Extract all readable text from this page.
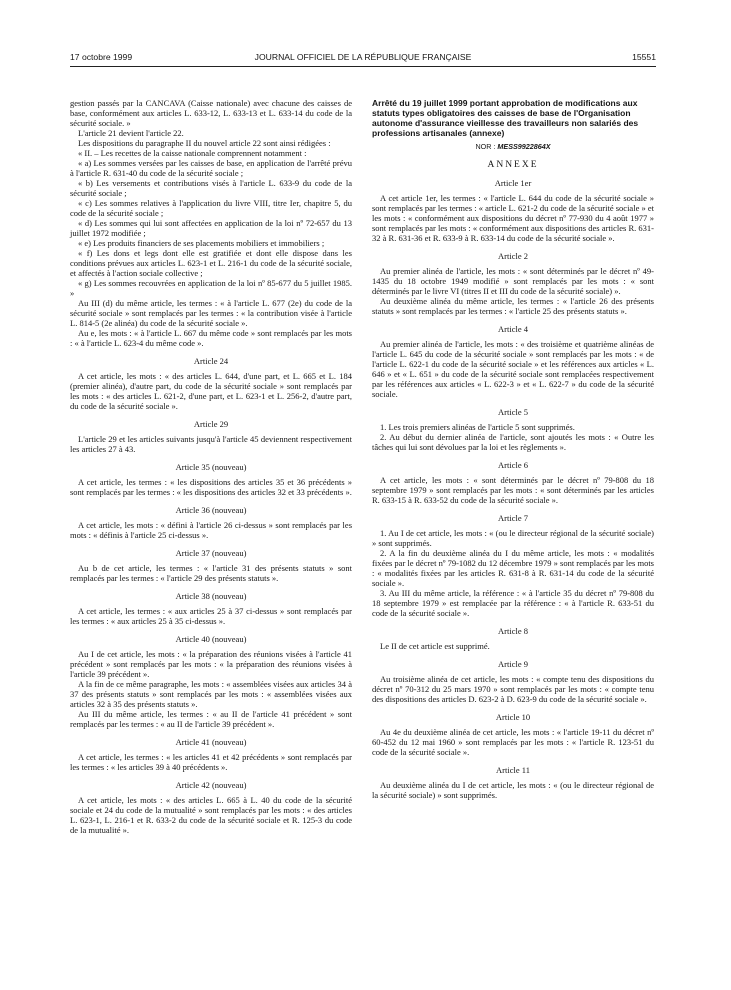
17 octobre 1999	JOURNAL OFFICIEL DE LA RÉPUBLIQUE FRANÇAISE	15551

gestion passés par la CANCAVA (Caisse nationale) avec chacune des caisses de base, conformément aux articles L. 633-12, L. 633-13 et L. 633-14 du code de la sécurité sociale. »

L'article 21 devient l'article 22.

Les dispositions du paragraphe II du nouvel article 22 sont ainsi rédigées :

« II. – Les recettes de la caisse nationale comprennent notamment :

« a) Les sommes versées par les caisses de base, en application de l'arrêté prévu à l'article R. 631-40 du code de la sécurité sociale ;

« b) Les versements et contributions visés à l'article L. 633-9 du code de la sécurité sociale ;

« c) Les sommes relatives à l'application du livre VIII, titre Ier, chapitre 5, du code de la sécurité sociale ;

« d) Les sommes qui lui sont affectées en application de la loi nº 72-657 du 13 juillet 1972 modifiée ;

« e) Les produits financiers de ses placements mobiliers et immobiliers ;

« f) Les dons et legs dont elle est gratifiée et dont elle dispose dans les conditions prévues aux articles L. 623-1 et L. 216-1 du code de la sécurité sociale, et affectés à l'action sociale collective ;

« g) Les sommes recouvrées en application de la loi nº 85-677 du 5 juillet 1985. »

Au III (d) du même article, les termes : « à l'article L. 677 (2e) du code de la sécurité sociale » sont remplacés par les termes : « la contribution visée à l'article L. 814-5 (2e alinéa) du code de la sécurité sociale ».

Au e, les mots : « à l'article L. 667 du même code » sont remplacés par les mots : « à l'article L. 623-4 du même code ».

Article 24

A cet article, les mots : « des articles L. 644, d'une part, et L. 665 et L. 184 (premier alinéa), d'autre part, du code de la sécurité sociale » sont remplacés par les mots : « des articles L. 621-2, d'une part, et L. 623-1 et L. 256-2, d'autre part, du code de la sécurité sociale ».

Article 29

L'article 29 et les articles suivants jusqu'à l'article 45 deviennent respectivement les articles 27 à 43.

Article 35 (nouveau)

A cet article, les termes : « les dispositions des articles 35 et 36 précédents » sont remplacés par les termes : « les dispositions des articles 32 et 33 précédents ».

Article 36 (nouveau)

A cet article, les mots : « défini à l'article 26 ci-dessus » sont remplacés par les mots : « définis à l'article 25 ci-dessus ».

Article 37 (nouveau)

Au b de cet article, les termes : « l'article 31 des présents statuts » sont remplacés par les termes : « l'article 29 des présents statuts ».

Article 38 (nouveau)

A cet article, les termes : « aux articles 25 à 37 ci-dessus » sont remplacés par les termes : « aux articles 25 à 35 ci-dessus ».

Article 40 (nouveau)

Au I de cet article, les mots : « la préparation des réunions visées à l'article 41 précédent » sont remplacés par les mots : « la préparation des réunions visées à l'article 39 précédent ».

A la fin de ce même paragraphe, les mots : « assemblées visées aux articles 34 à 37 des présents statuts » sont remplacés par les mots : « assemblées visées aux articles 32 à 35 des présents statuts ».

Au III du même article, les termes : « au II de l'article 41 précédent » sont remplacés par les termes : « au II de l'article 39 précédent ».

Article 41 (nouveau)

A cet article, les termes : « les articles 41 et 42 précédents » sont remplacés par les termes : « les articles 39 à 40 précédents ».

Article 42 (nouveau)

A cet article, les mots : « des articles L. 665 à L. 40 du code de la sécurité sociale et 24 du code de la mutualité » sont remplacés par les mots : « des articles L. 623-1, L. 216-1 et R. 633-2 du code de la sécurité sociale et R. 125-3 du code de la mutualité ».

Arrêté du 19 juillet 1999 portant approbation de modifications aux statuts types obligatoires des caisses de base de l'Organisation autonome d'assurance vieillesse des travailleurs non salariés des professions artisanales (annexe)

NOR : MESS9922864X
ANNEXE
Article 1er

A cet article 1er, les termes : « l'article L. 644 du code de la sécurité sociale » sont remplacés par les termes : « article L. 621-2 du code de la sécurité sociale » et les mots : « conformément aux dispositions du décret nº 77-930 du 4 août 1977 » sont remplacés par les mots : « conformément aux dispositions des articles R. 631-32 à R. 631-36 et R. 633-9 à R. 633-14 du code de la sécurité sociale ».

Article 2

Au premier alinéa de l'article, les mots : « sont déterminés par le décret nº 49-1435 du 18 octobre 1949 modifié » sont remplacés par les mots : « sont déterminés par le livre VI (titres II et III du code de la sécurité sociale) ».

Au deuxième alinéa du même article, les termes : « l'article 26 des présents statuts » sont remplacés par les termes : « l'article 25 des présents statuts ».

Article 4

Au premier alinéa de l'article, les mots : « des troisième et quatrième alinéas de l'article L. 645 du code de la sécurité sociale » sont remplacés par les mots : « de l'article L. 622-1 du code de la sécurité sociale » et les références aux articles « L. 646 » et « L. 651 » du code de la sécurité sociale sont remplacées respectivement par les références aux articles « L. 622-3 » et « L. 622-7 » du code de la sécurité sociale.

Article 5

1. Les trois premiers alinéas de l'article 5 sont supprimés.

2. Au début du dernier alinéa de l'article, sont ajoutés les mots : « Outre les tâches qui lui sont dévolues par la loi et les règlements ».

Article 6

A cet article, les mots : « sont déterminés par le décret nº 79-808 du 18 septembre 1979 » sont remplacés par les mots : « sont déterminés par les articles R. 633-15 à R. 633-52 du code de la sécurité sociale ».

Article 7

1. Au I de cet article, les mots : « (ou le directeur régional de la sécurité sociale) » sont supprimés.

2. A la fin du deuxième alinéa du I du même article, les mots : « modalités fixées par le décret nº 79-1082 du 12 décembre 1979 » sont remplacés par les mots : « modalités fixées par les articles R. 631-8 à R. 631-14 du code de la sécurité sociale ».

3. Au III du même article, la référence : « à l'article 35 du décret nº 79-808 du 18 septembre 1979 » est remplacée par la référence : « à l'article R. 633-51 du code de la sécurité sociale ».

Article 8

Le II de cet article est supprimé.

Article 9

Au troisième alinéa de cet article, les mots : « compte tenu des dispositions du décret nº 70-312 du 25 mars 1970 » sont remplacés par les mots : « compte tenu des dispositions des articles D. 623-2 à D. 623-9 du code de la sécurité sociale ».

Article 10

Au 4e du deuxième alinéa de cet article, les mots : « l'article 19-11 du décret nº 60-452 du 12 mai 1960 » sont remplacés par les mots : « l'article R. 123-51 du code de la sécurité sociale ».

Article 11

Au deuxième alinéa du I de cet article, les mots : « (ou le directeur régional de la sécurité sociale) » sont supprimés.
